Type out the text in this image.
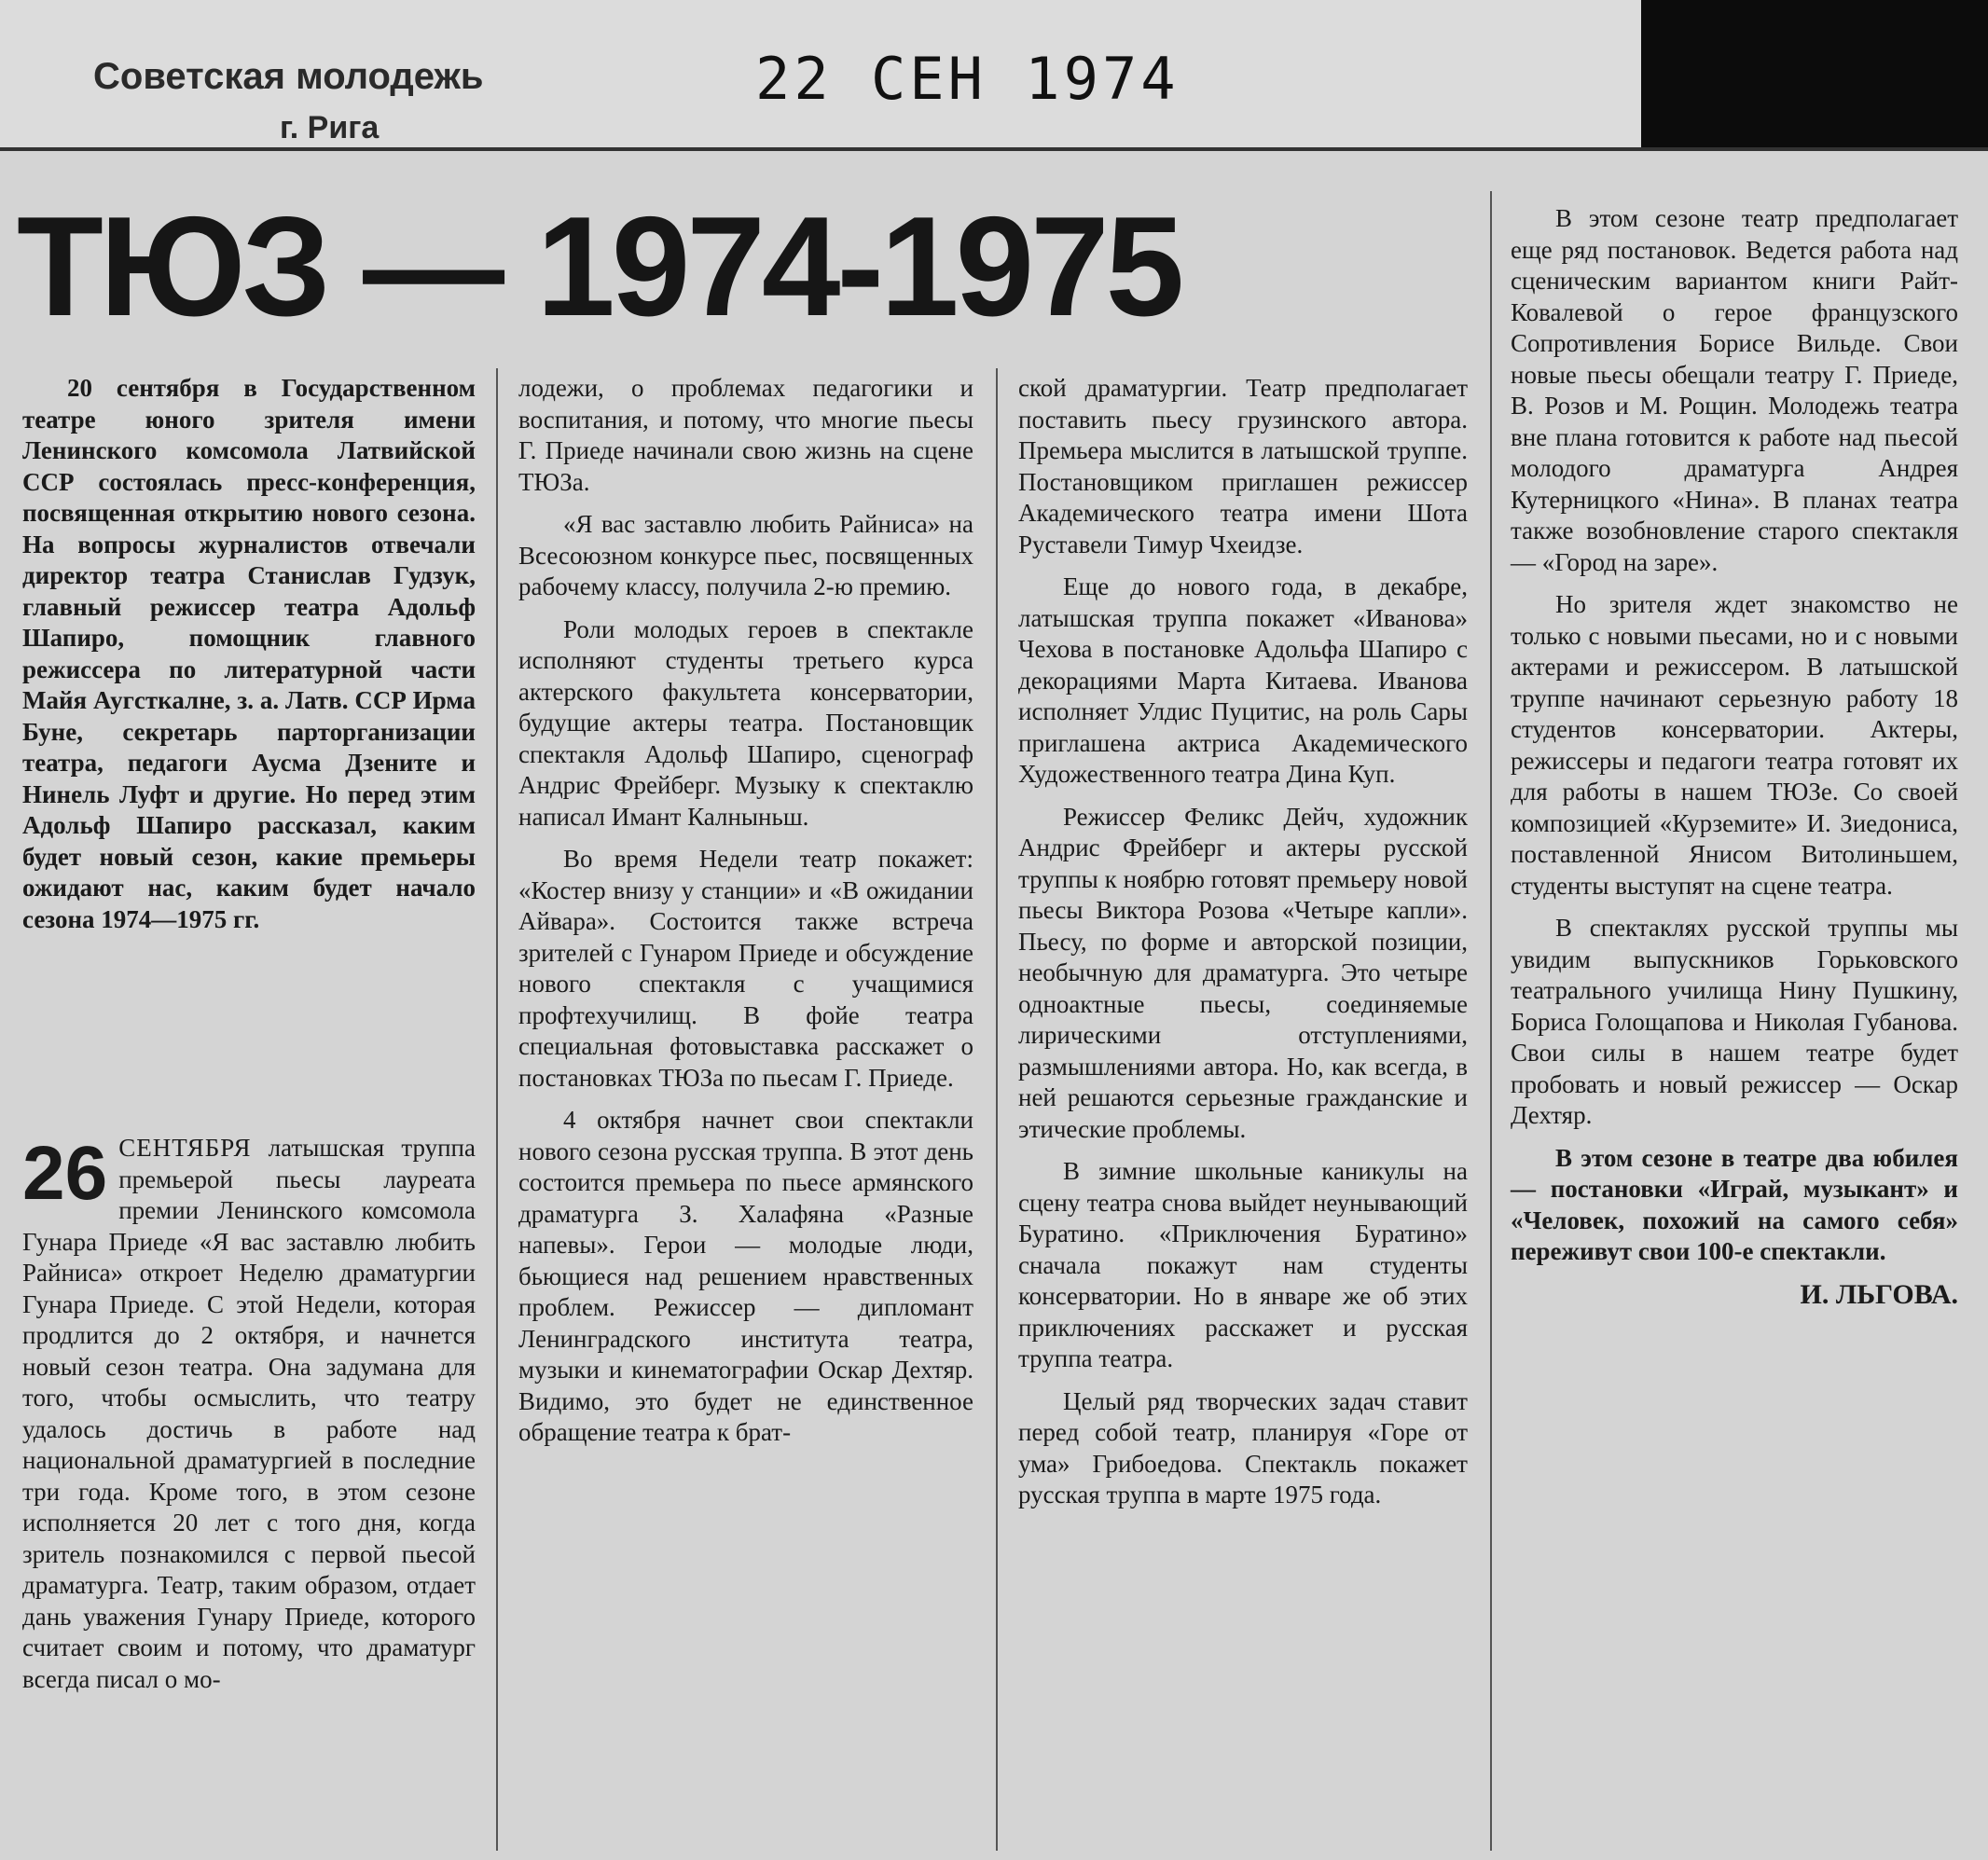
Советская молодежь
г. Рига
22 СЕН 1974
ТЮЗ — 1974-1975

20 сентября в Государственном театре юного зрителя имени Ленинского комсомола Латвийской ССР состоялась пресс-конференция, посвященная открытию нового сезона. На вопросы журналистов отвечали директор театра Станислав Гудзук, главный режиссер театра Адольф Шапиро, помощник главного режиссера по литературной части Майя Аугсткалне, з. а. Латв. ССР Ирма Буне, секретарь парторганизации театра, педагоги Аусма Дзените и Нинель Луфт и другие. Но перед этим Адольф Шапиро рассказал, каким будет новый сезон, какие премьеры ожидают нас, каким будет начало сезона 1974—1975 гг.

26 СЕНТЯБРЯ латышская труппа премьерой пьесы лауреата премии Ленинского комсомола Гунара Приеде «Я вас заставлю любить Райниса» откроет Неделю драматургии Гунара Приеде. С этой Недели, которая продлится до 2 октября, и начнется новый сезон театра. Она задумана для того, чтобы осмыслить, что театру удалось достичь в работе над национальной драматургией в последние три года. Кроме того, в этом сезоне исполняется 20 лет с того дня, когда зритель познакомился с первой пьесой драматурга. Театр, таким образом, отдает дань уважения Гунару Приеде, которого считает своим и потому, что драматург всегда писал о мо-

лодежи, о проблемах педагогики и воспитания, и потому, что многие пьесы Г. Приеде начинали свою жизнь на сцене ТЮЗа.

«Я вас заставлю любить Райниса» на Всесоюзном конкурсе пьес, посвященных рабочему классу, получила 2-ю премию.

Роли молодых героев в спектакле исполняют студенты третьего курса актерского факультета консерватории, будущие актеры театра. Постановщик спектакля Адольф Шапиро, сценограф Андрис Фрейберг. Музыку к спектаклю написал Имант Калныньш.

Во время Недели театр покажет: «Костер внизу у станции» и «В ожидании Айвара». Состоится также встреча зрителей с Гунаром Приеде и обсуждение нового спектакля с учащимися профтехучилищ. В фойе театра специальная фотовыставка расскажет о постановках ТЮЗа по пьесам Г. Приеде.

4 октября начнет свои спектакли нового сезона русская труппа. В этот день состоится премьера по пьесе армянского драматурга З. Халафяна «Разные напевы». Герои — молодые люди, бьющиеся над решением нравственных проблем. Режиссер — дипломант Ленинградского института театра, музыки и кинематографии Оскар Дехтяр. Видимо, это будет не единственное обращение театра к брат-

ской драматургии. Театр предполагает поставить пьесу грузинского автора. Премьера мыслится в латышской труппе. Постановщиком приглашен режиссер Академического театра имени Шота Руставели Тимур Чхеидзе.

Еще до нового года, в декабре, латышская труппа покажет «Иванова» Чехова в постановке Адольфа Шапиро с декорациями Марта Китаева. Иванова исполняет Улдис Пуцитис, на роль Сары приглашена актриса Академического Художественного театра Дина Куп.

Режиссер Феликс Дейч, художник Андрис Фрейберг и актеры русской труппы к ноябрю готовят премьеру новой пьесы Виктора Розова «Четыре капли». Пьесу, по форме и авторской позиции, необычную для драматурга. Это четыре одноактные пьесы, соединяемые лирическими отступлениями, размышлениями автора. Но, как всегда, в ней решаются серьезные гражданские и этические проблемы.

В зимние школьные каникулы на сцену театра снова выйдет неунывающий Буратино. «Приключения Буратино» сначала покажут нам студенты консерватории. Но в январе же об этих приключениях расскажет и русская труппа театра.

Целый ряд творческих задач ставит перед собой театр, планируя «Горе от ума» Грибоедова. Спектакль покажет русская труппа в марте 1975 года.

В этом сезоне театр предполагает еще ряд постановок. Ведется работа над сценическим вариантом книги Райт-Ковалевой о герое французского Сопротивления Борисе Вильде. Свои новые пьесы обещали театру Г. Приеде, В. Розов и М. Рощин. Молодежь театра вне плана готовится к работе над пьесой молодого драматурга Андрея Кутерницкого «Нина». В планах театра также возобновление старого спектакля — «Город на заре».

Но зрителя ждет знакомство не только с новыми пьесами, но и с новыми актерами и режиссером. В латышской труппе начинают серьезную работу 18 студентов консерватории. Актеры, режиссеры и педагоги театра готовят их для работы в нашем ТЮЗе. Со своей композицией «Курземите» И. Зиедониса, поставленной Янисом Витолиньшем, студенты выступят на сцене театра.

В спектаклях русской труппы мы увидим выпускников Горьковского театрального училища Нину Пушкину, Бориса Голощапова и Николая Губанова. Свои силы в нашем театре будет пробовать и новый режиссер — Оскар Дехтяр.

В этом сезоне в театре два юбилея — постановки «Играй, музыкант» и «Человек, похожий на самого себя» переживут свои 100-е спектакли.

И. ЛЬГОВА.
